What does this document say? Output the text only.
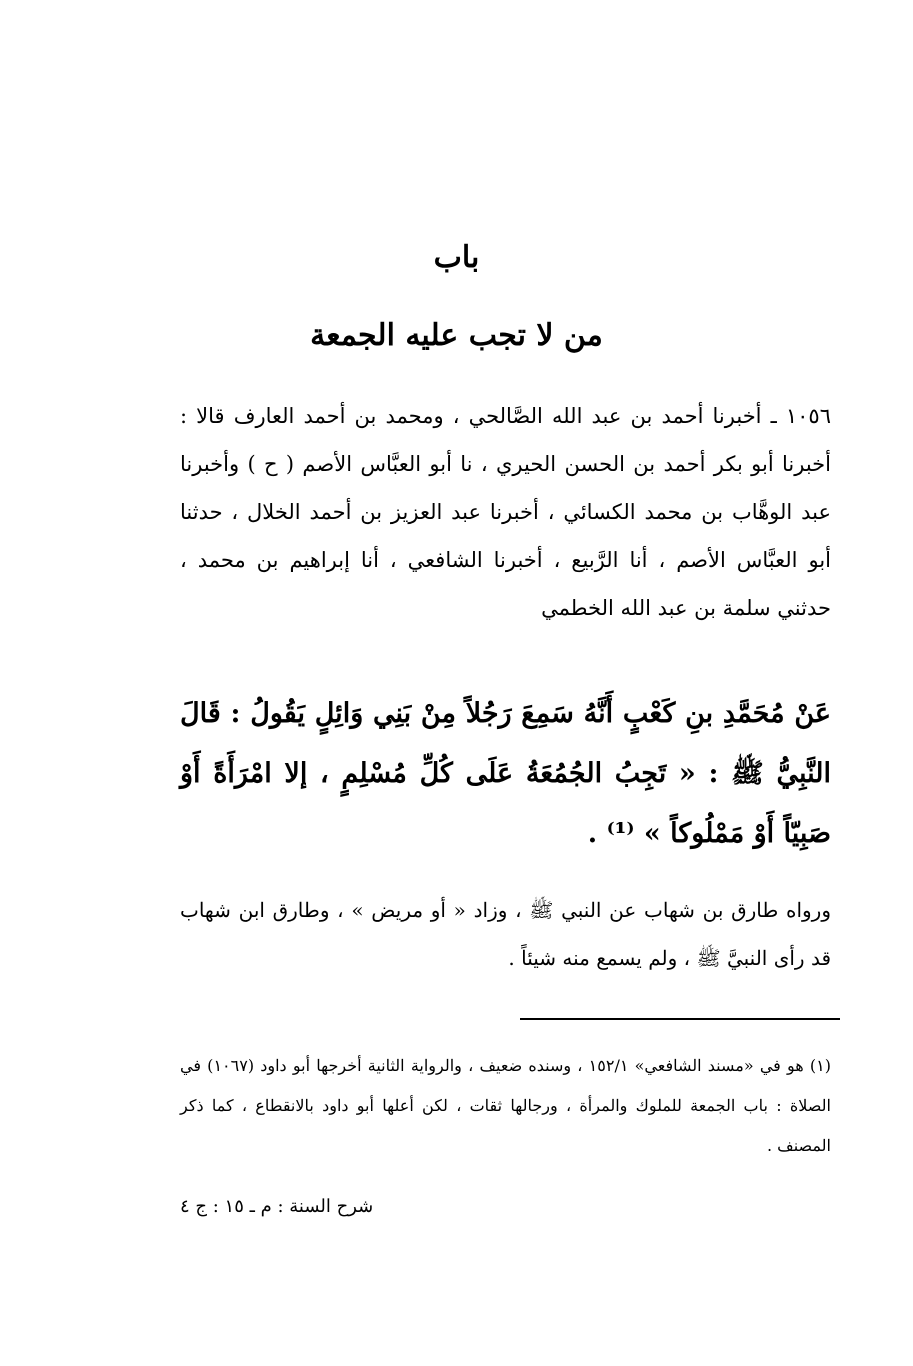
باب
من لا تجب عليه الجمعة
١٠٥٦ ـ أخبرنا أحمد بن عبد الله الصَّالحي ، ومحمد بن أحمد العارف قالا : أخبرنا أبو بكر أحمد بن الحسن الحيري ، نا أبو العبَّاس الأصم ( ح ) وأخبرنا عبد الوهَّاب بن محمد الكسائي ، أخبرنا عبد العزيز بن أحمد الخلال ، حدثنا أبو العبَّاس الأصم ، أنا الرَّبيع ، أخبرنا الشافعي ، أنا إبراهيم بن محمد ، حدثني سلمة بن عبد الله الخطمي
عَنْ مُحَمَّدِ بنِ كَعْبٍ أَنَّهُ سَمِعَ رَجُلاً مِنْ بَنِي وَائِلٍ يَقُولُ : قَالَ النَّبِيُّ ﷺ : « تَجِبُ الجُمُعَةُ عَلَى كُلِّ مُسْلِمٍ ، إلا امْرَأَةً أَوْ صَبِيّاً أَوْ مَمْلُوكاً » ⁽¹⁾ .
ورواه طارق بن شهاب عن النبي ﷺ ، وزاد « أو مريض » ، وطارق ابن شهاب قد رأى النبيَّ ﷺ ، ولم يسمع منه شيئاً .
(١) هو في «مسند الشافعي» ١٥٢/١ ، وسنده ضعيف ، والرواية الثانية أخرجها أبو داود (١٠٦٧) في الصلاة : باب الجمعة للملوك والمرأة ، ورجالها ثقات ، لكن أعلها أبو داود بالانقطاع ، كما ذكر المصنف .
شرح السنة : م ـ ١٥ : ج ٤
